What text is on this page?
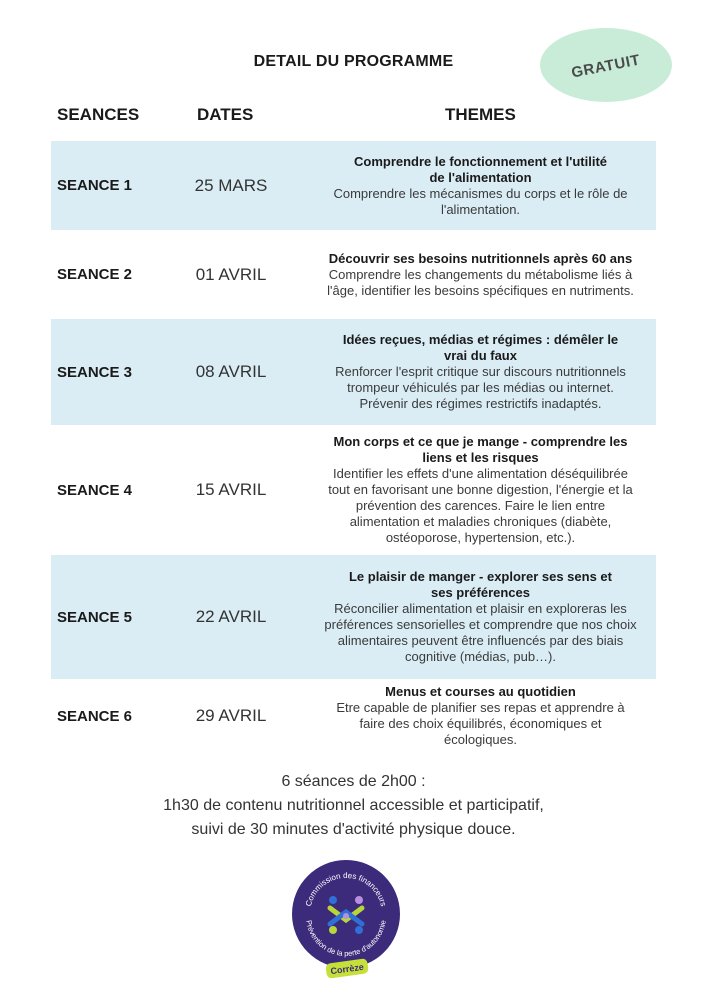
DETAIL DU PROGRAMME	GRATUIT
SEANCES	DATES	THEMES
SEANCE 1	25 MARS
Comprendre le fonctionnement et l'utilité
de l'alimentation
Comprendre les mécanismes du corps et le rôle de
l'alimentation.
SEANCE 2	01 AVRIL
Découvrir ses besoins nutritionnels après 60 ans
Comprendre les changements du métabolisme liés à
l'âge, identifier les besoins spécifiques en nutriments.
SEANCE 3	08 AVRIL
Idées reçues, médias et régimes : démêler le
vrai du faux
Renforcer l'esprit critique sur discours nutritionnels
trompeur véhiculés par les médias ou internet.
Prévenir des régimes restrictifs inadaptés.
SEANCE 4	15 AVRIL
Mon corps et ce que je mange - comprendre les
liens et les risques
Identifier les effets d'une alimentation déséquilibrée
tout en favorisant une bonne digestion, l'énergie et la
prévention des carences. Faire le lien entre
alimentation et maladies chroniques (diabète,
ostéoporose, hypertension, etc.).
SEANCE 5	22 AVRIL
Le plaisir de manger - explorer ses sens et
ses préférences
Réconcilier alimentation et plaisir en exploreras les
préférences sensorielles et comprendre que nos choix
alimentaires peuvent être influencés par des biais
cognitive (médias, pub…).
SEANCE 6	29 AVRIL
Menus et courses au quotidien
Etre capable de planifier ses repas et apprendre à
faire des choix équilibrés, économiques et
écologiques.
6 séances de 2h00 :
1h30 de contenu nutritionnel accessible et participatif,
suivi de 30 minutes d'activité physique douce.
Commission des financeurs
Prévention de la perte d'autonomie
Corrèze
